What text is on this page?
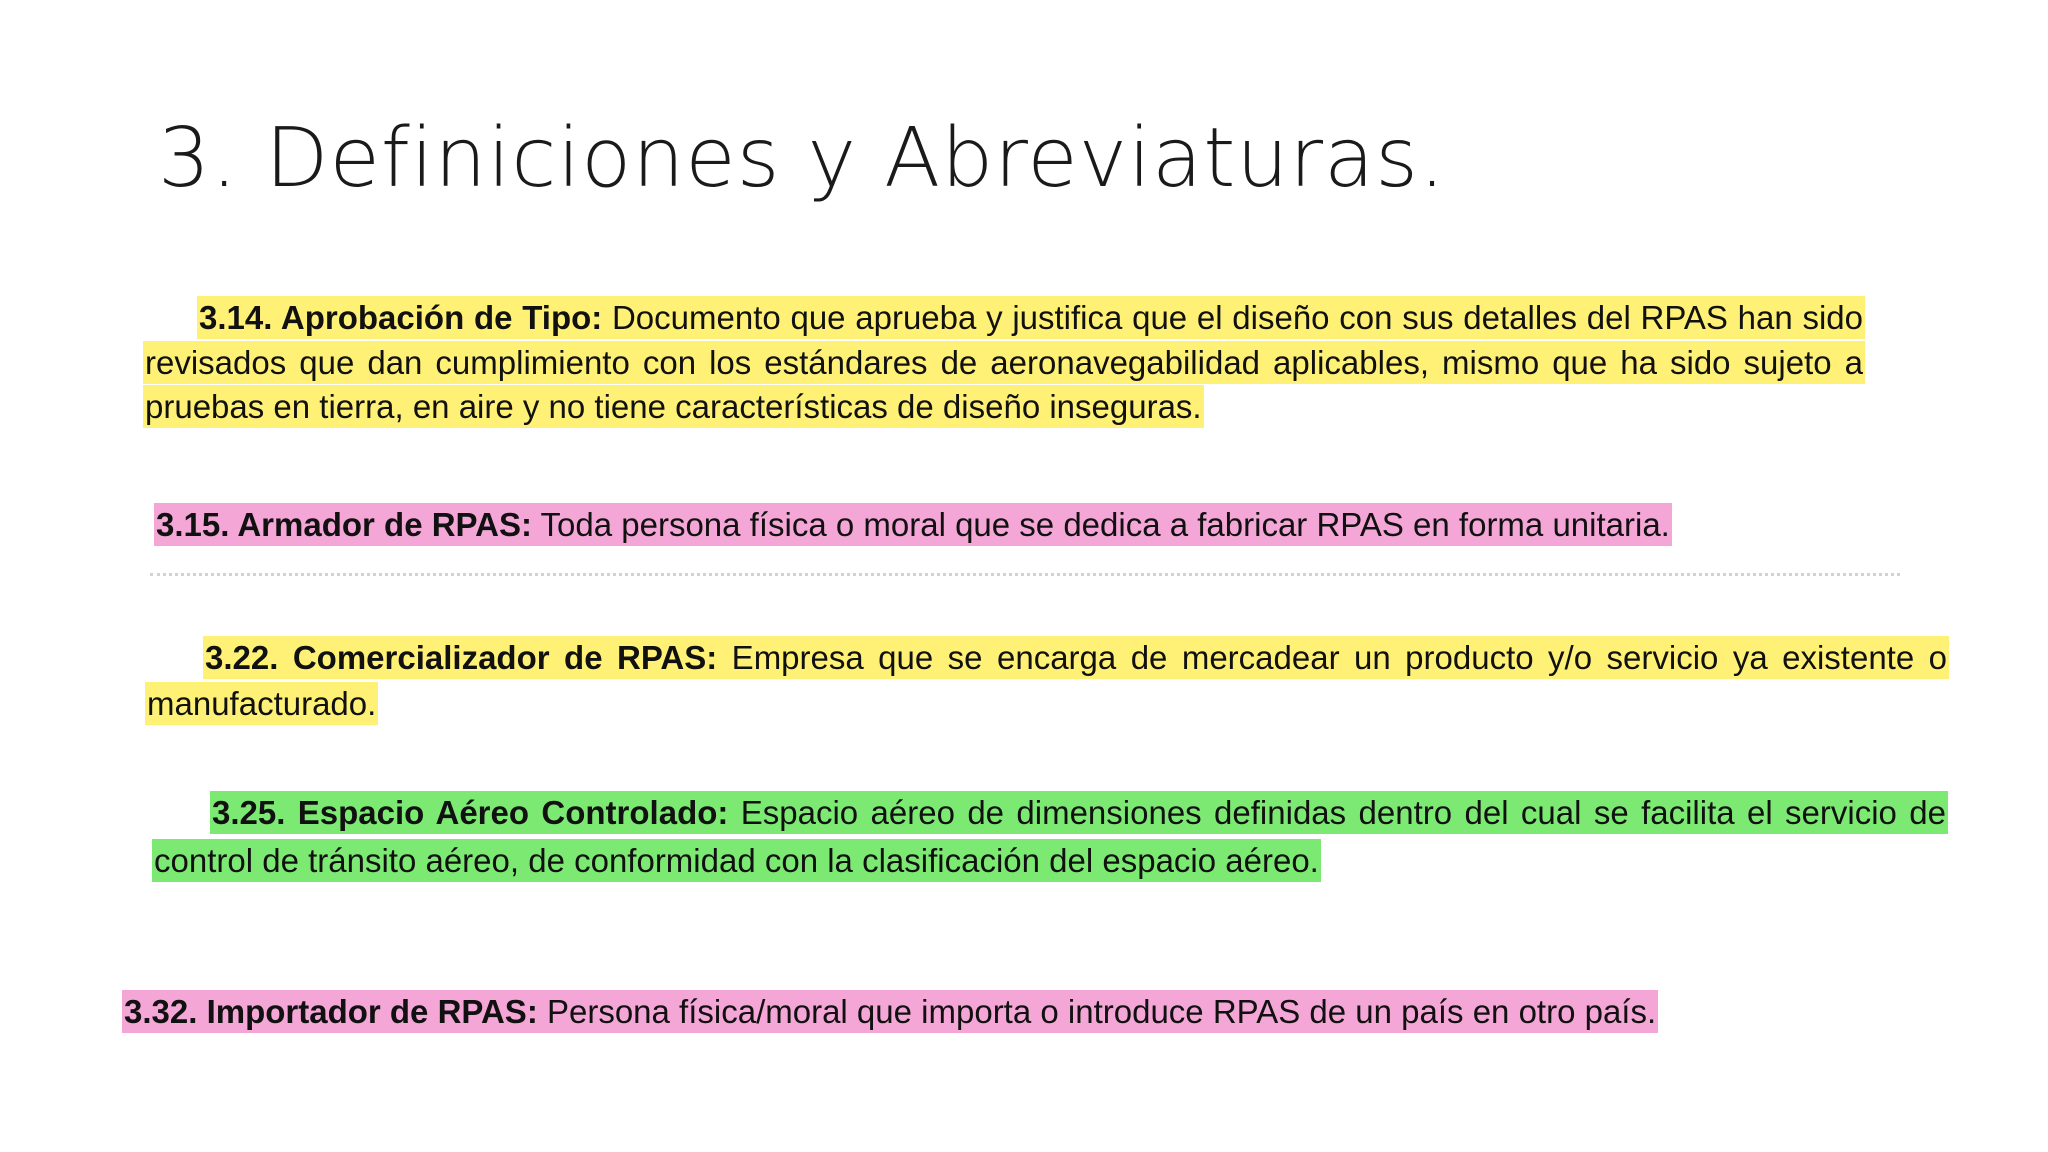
3. Definiciones y Abreviaturas.

3.14. Aprobación de Tipo: Documento que aprueba y justifica que el diseño con sus detalles del RPAS han sido revisados que dan cumplimiento con los estándares de aeronavegabilidad aplicables, mismo que ha sido sujeto a pruebas en tierra, en aire y no tiene características de diseño inseguras.

3.15. Armador de RPAS: Toda persona física o moral que se dedica a fabricar RPAS en forma unitaria.

3.22. Comercializador de RPAS: Empresa que se encarga de mercadear un producto y/o servicio ya existente o manufacturado.

3.25. Espacio Aéreo Controlado: Espacio aéreo de dimensiones definidas dentro del cual se facilita el servicio de control de tránsito aéreo, de conformidad con la clasificación del espacio aéreo.

3.32. Importador de RPAS: Persona física/moral que importa o introduce RPAS de un país en otro país.
